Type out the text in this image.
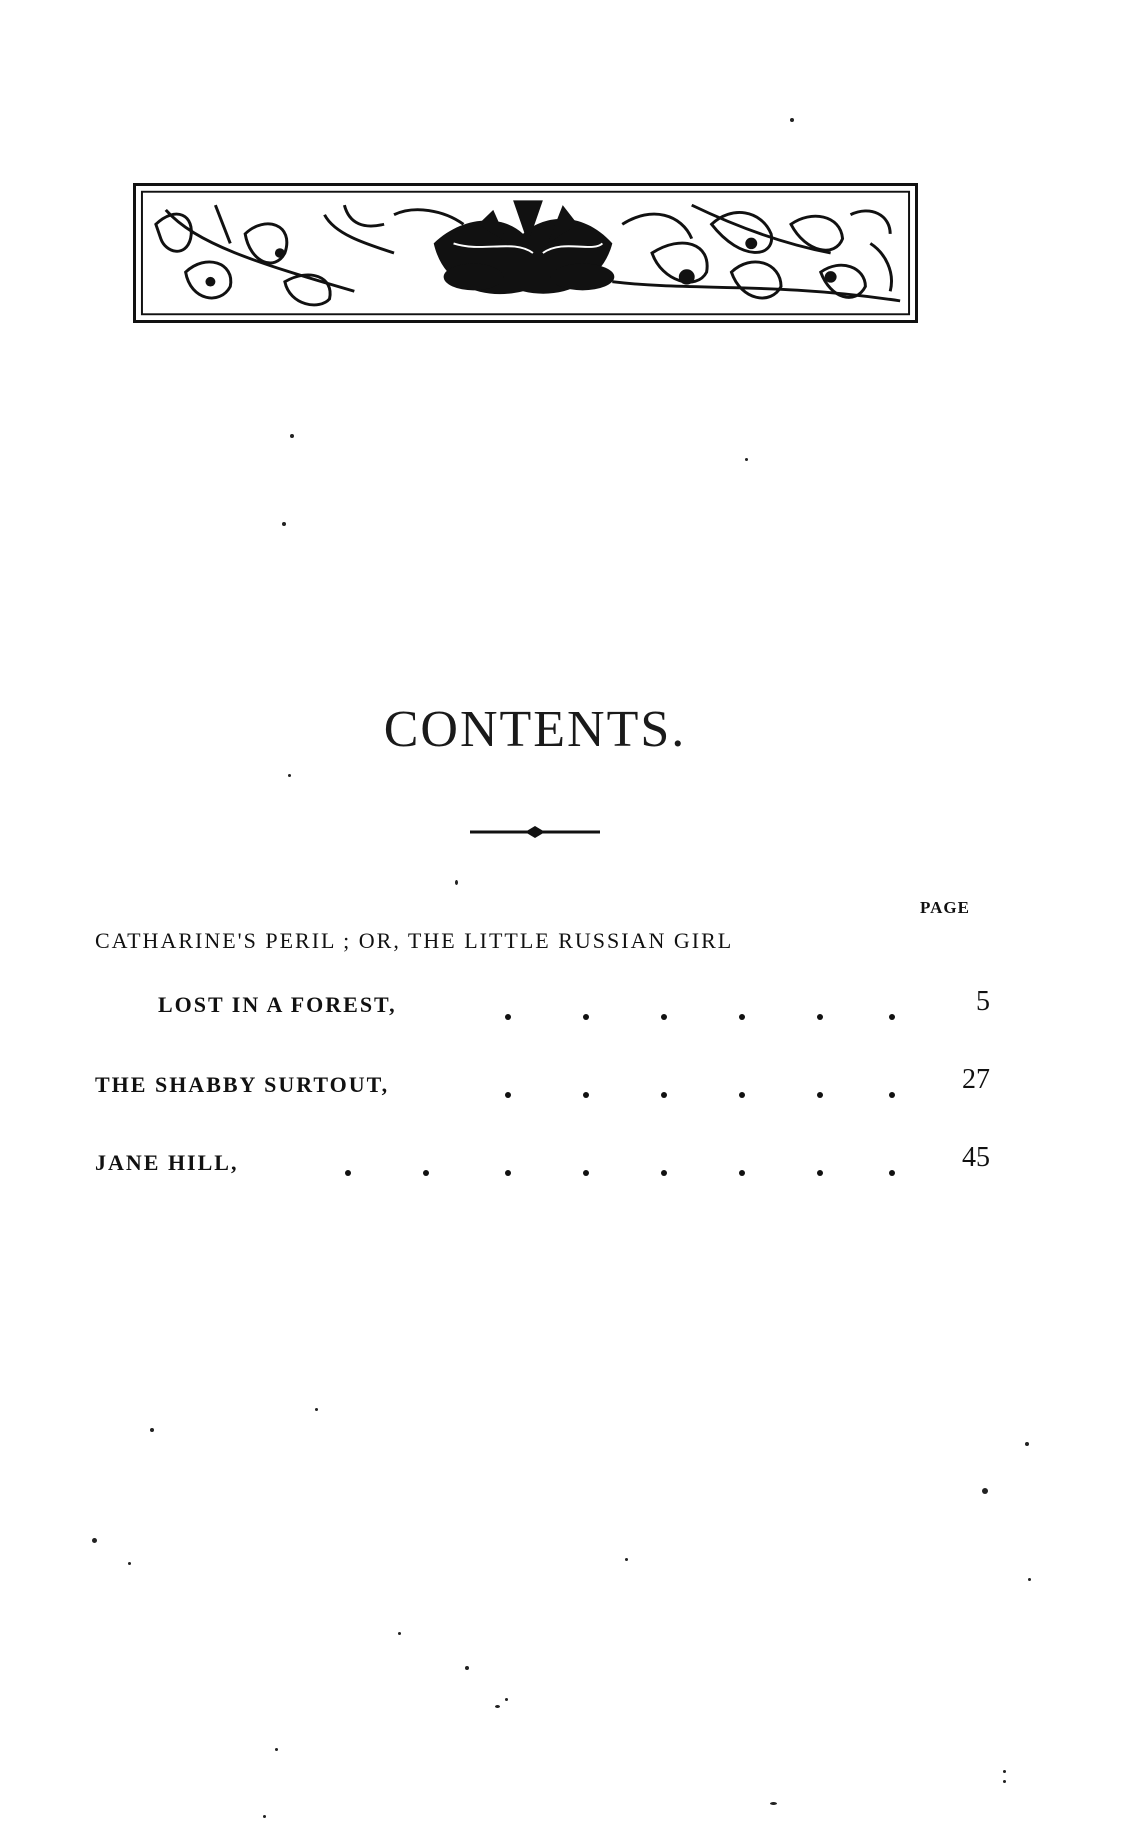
CONTENTS.
PAGE
CATHARINE'S PERIL ; OR, THE LITTLE RUSSIAN GIRL
LOST IN A FOREST,	5
THE SHABBY SURTOUT,	27
JANE HILL,	45
